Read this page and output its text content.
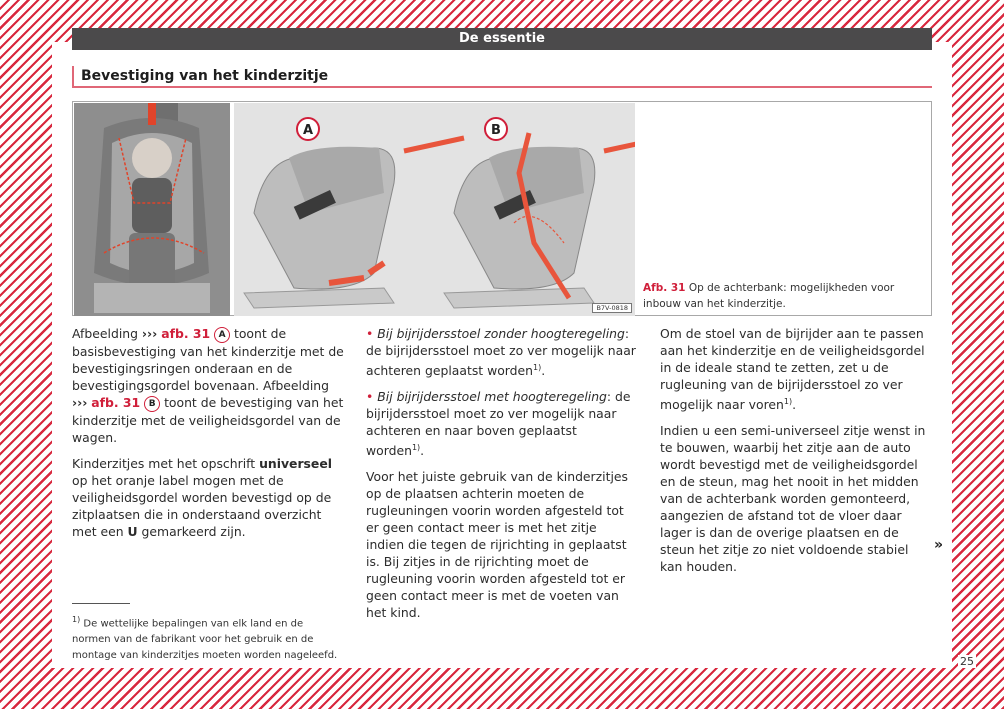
De essentie
Bevestiging van het kinderzitje
A	B
B7V-0818
Afb. 31 Op de achterbank: mogelijkheden voor inbouw van het kinderzitje.

Afbeelding ››› afb. 31 A toont de basisbevestiging van het kinderzitje met de bevestigingsringen onderaan en de bevestigingsgordel bovenaan. Afbeelding ››› afb. 31 B toont de bevestiging van het kinderzitje met de veiligheidsgordel van de wagen.

Kinderzitjes met het opschrift universeel op het oranje label mogen met de veiligheidsgordel worden bevestigd op de zitplaatsen die in onderstaand overzicht met een U gemarkeerd zijn.

• Bij bijrijdersstoel zonder hoogteregeling: de bijrijdersstoel moet zo ver mogelijk naar achteren geplaatst worden$^{1)}$.

• Bij bijrijdersstoel met hoogteregeling: de bijrijdersstoel moet zo ver mogelijk naar achteren en naar boven geplaatst worden$^{1)}$.

Voor het juiste gebruik van de kinderzitjes op de plaatsen achterin moeten de rugleuningen voorin worden afgesteld tot er geen contact meer is met het zitje indien die tegen de rijrichting in geplaatst is. Bij zitjes in de rijrichting moet de rugleuning voorin worden afgesteld tot er geen contact meer is met de voeten van het kind.

Om de stoel van de bijrijder aan te passen aan het kinderzitje en de veiligheidsgordel in de ideale stand te zetten, zet u de rugleuning van de bijrijdersstoel zo ver mogelijk naar voren$^{1)}$.

Indien u een semi-universeel zitje wenst in te bouwen, waarbij het zitje aan de auto wordt bevestigd met de veiligheidsgordel en de steun, mag het nooit in het midden van de achterbank worden gemonteerd, aangezien de afstand tot de vloer daar lager is dan de overige plaatsen en de steun het zitje zo niet voldoende stabiel kan houden.

»
$^{1)}$ De wettelijke bepalingen van elk land en de normen van de fabrikant voor het gebruik en de montage van kinderzitjes moeten worden nageleefd.	25
